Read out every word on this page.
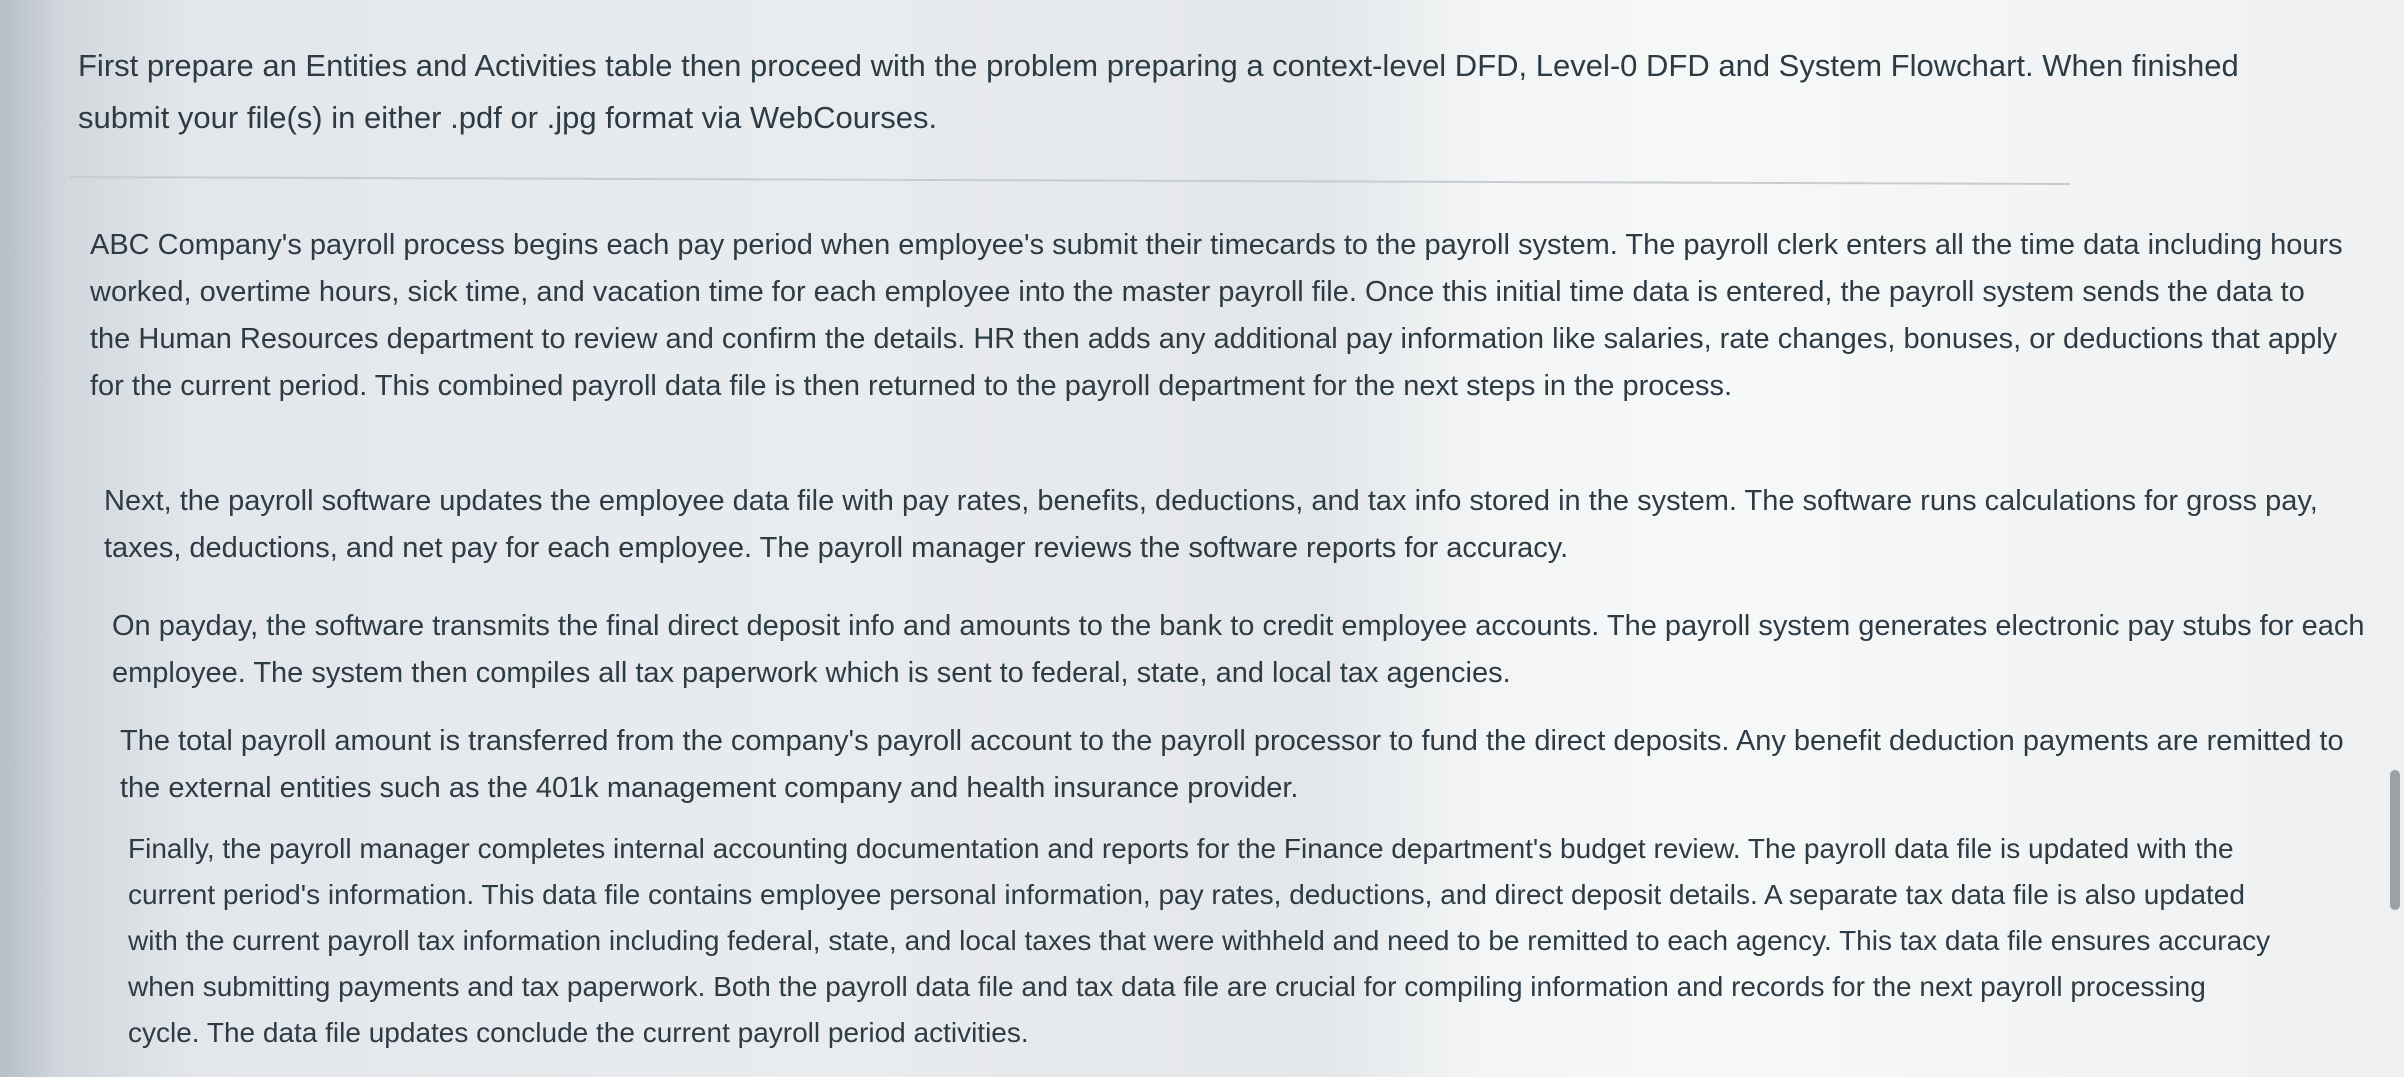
First prepare an Entities and Activities table then proceed with the problem preparing a context-level DFD, Level-0 DFD and System Flowchart. When finished submit your file(s) in either .pdf or .jpg format via WebCourses.
ABC Company's payroll process begins each pay period when employee's submit their timecards to the payroll system. The payroll clerk enters all the time data including hours worked, overtime hours, sick time, and vacation time for each employee into the master payroll file. Once this initial time data is entered, the payroll system sends the data to the Human Resources department to review and confirm the details. HR then adds any additional pay information like salaries, rate changes, bonuses, or deductions that apply for the current period. This combined payroll data file is then returned to the payroll department for the next steps in the process.
Next, the payroll software updates the employee data file with pay rates, benefits, deductions, and tax info stored in the system. The software runs calculations for gross pay, taxes, deductions, and net pay for each employee. The payroll manager reviews the software reports for accuracy.
On payday, the software transmits the final direct deposit info and amounts to the bank to credit employee accounts. The payroll system generates electronic pay stubs for each employee. The system then compiles all tax paperwork which is sent to federal, state, and local tax agencies.
The total payroll amount is transferred from the company's payroll account to the payroll processor to fund the direct deposits. Any benefit deduction payments are remitted to the external entities such as the 401k management company and health insurance provider.
Finally, the payroll manager completes internal accounting documentation and reports for the Finance department's budget review. The payroll data file is updated with the current period's information. This data file contains employee personal information, pay rates, deductions, and direct deposit details. A separate tax data file is also updated with the current payroll tax information including federal, state, and local taxes that were withheld and need to be remitted to each agency. This tax data file ensures accuracy when submitting payments and tax paperwork. Both the payroll data file and tax data file are crucial for compiling information and records for the next payroll processing cycle. The data file updates conclude the current payroll period activities.
